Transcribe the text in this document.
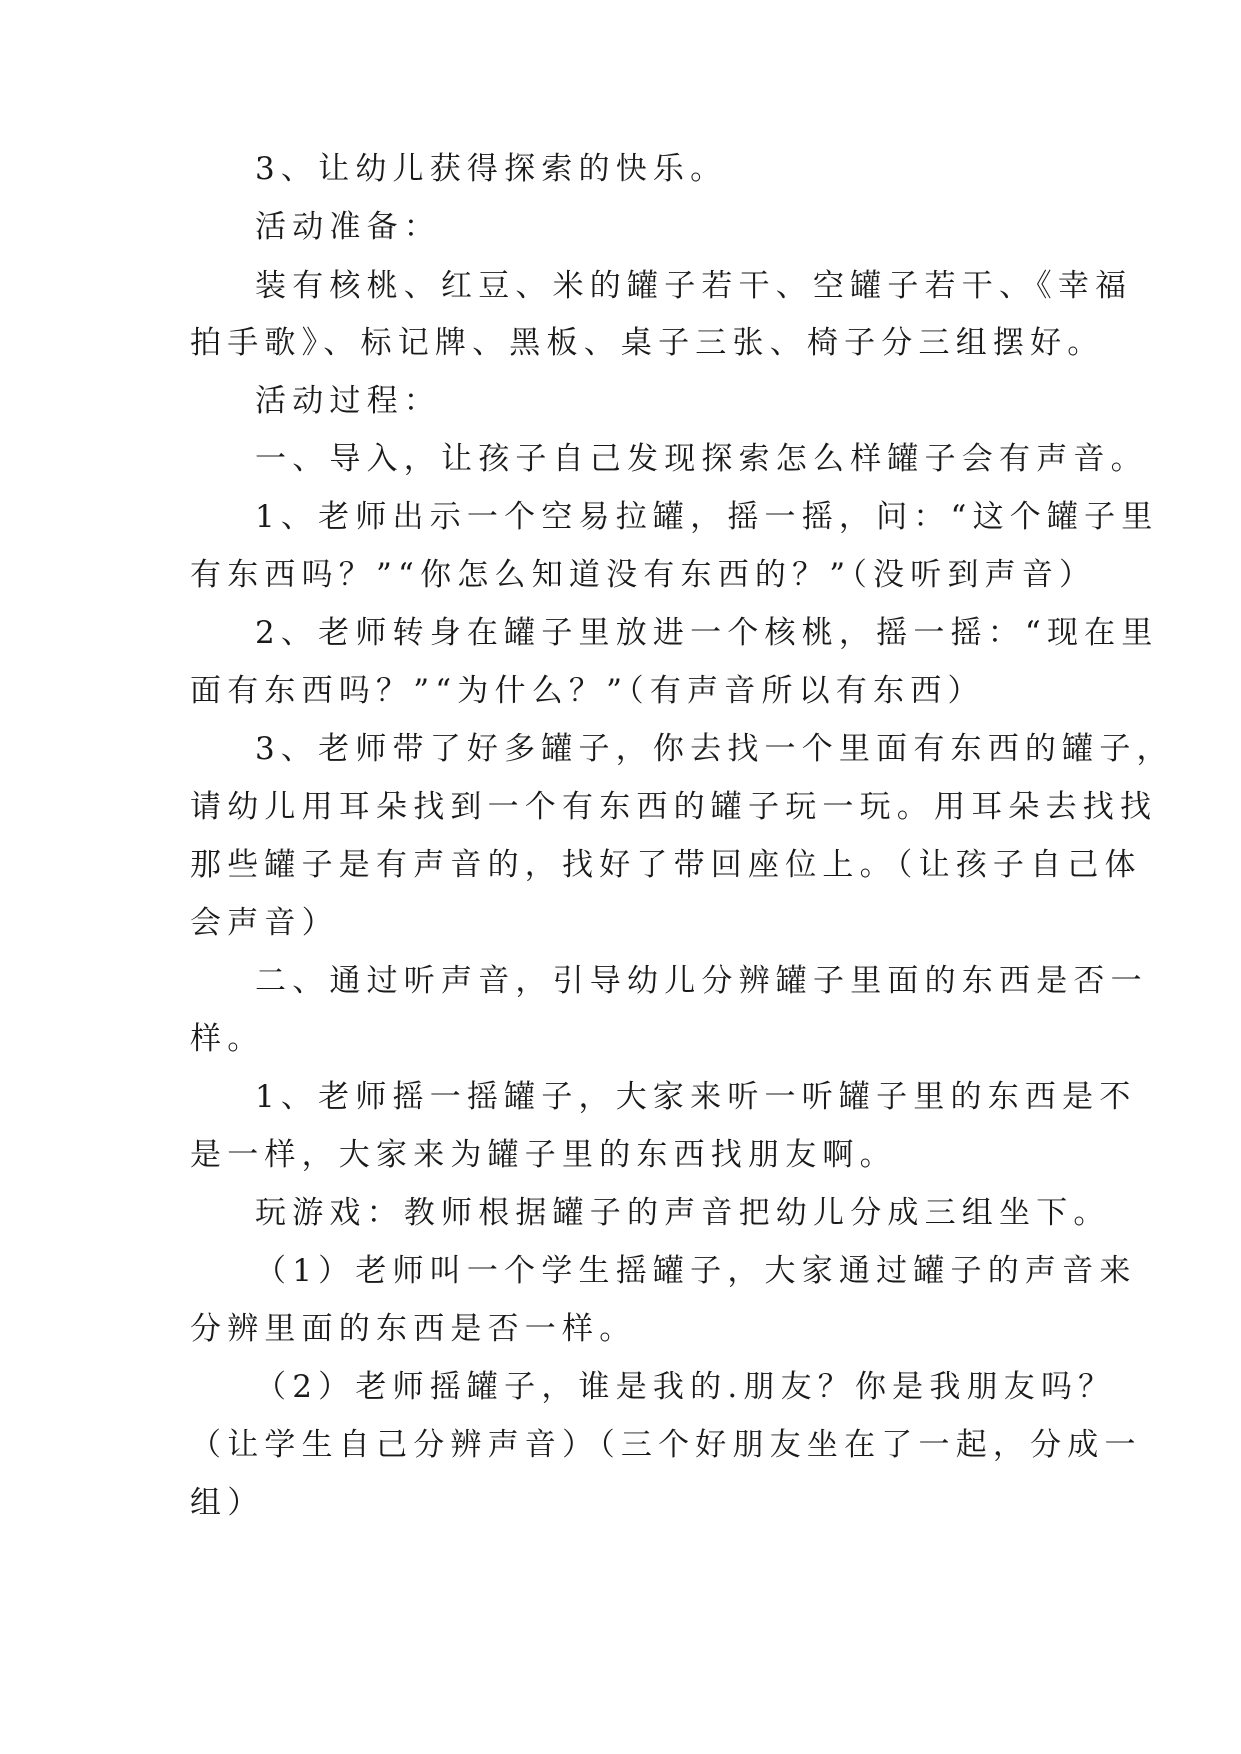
3、让幼儿获得探索的快乐。
活动准备：
装有核桃、红豆、米的罐子若干、空罐子若干、《幸福
拍手歌》、标记牌、黑板、桌子三张、椅子分三组摆好。
活动过程：
一、导入，让孩子自己发现探索怎么样罐子会有声音。
1、老师出示一个空易拉罐，摇一摇，问：“这个罐子里
有东西吗？”“你怎么知道没有东西的？”（没听到声音）
2、老师转身在罐子里放进一个核桃，摇一摇：“现在里
面有东西吗？”“为什么？”（有声音所以有东西）
3、老师带了好多罐子，你去找一个里面有东西的罐子，
请幼儿用耳朵找到一个有东西的罐子玩一玩。用耳朵去找找
那些罐子是有声音的，找好了带回座位上。（让孩子自己体
会声音）
二、通过听声音，引导幼儿分辨罐子里面的东西是否一
样。
1、老师摇一摇罐子，大家来听一听罐子里的东西是不
是一样，大家来为罐子里的东西找朋友啊。
玩游戏：教师根据罐子的声音把幼儿分成三组坐下。
（1）老师叫一个学生摇罐子，大家通过罐子的声音来
分辨里面的东西是否一样。
（2）老师摇罐子，谁是我的.朋友？你是我朋友吗？
（让学生自己分辨声音）（三个好朋友坐在了一起，分成一
组）
